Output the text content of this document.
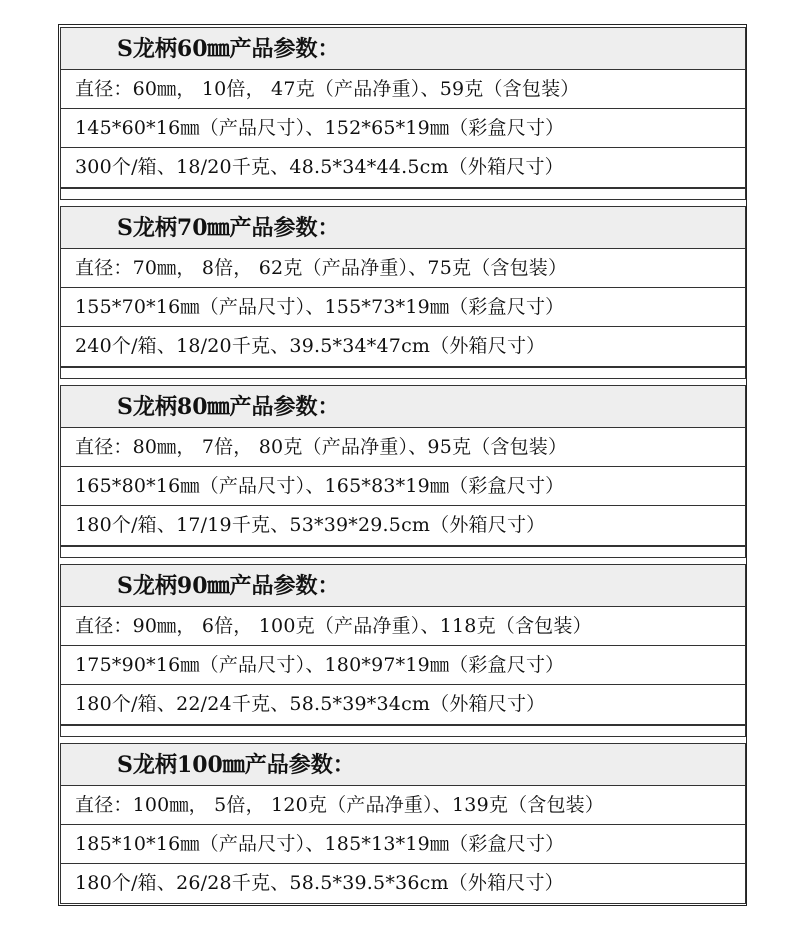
S龙柄60㎜产品参数：
直径：60㎜， 10倍， 47克（产品净重）、59克（含包装）
145*60*16㎜（产品尺寸）、152*65*19㎜（彩盒尺寸）
300个/箱、18/20千克、48.5*34*44.5cm（外箱尺寸）
S龙柄70㎜产品参数：
直径：70㎜， 8倍， 62克（产品净重）、75克（含包装）
155*70*16㎜（产品尺寸）、155*73*19㎜（彩盒尺寸）
240个/箱、18/20千克、39.5*34*47cm（外箱尺寸）
S龙柄80㎜产品参数：
直径：80㎜， 7倍， 80克（产品净重）、95克（含包装）
165*80*16㎜（产品尺寸）、165*83*19㎜（彩盒尺寸）
180个/箱、17/19千克、53*39*29.5cm（外箱尺寸）
S龙柄90㎜产品参数：
直径：90㎜， 6倍， 100克（产品净重）、118克（含包装）
175*90*16㎜（产品尺寸）、180*97*19㎜（彩盒尺寸）
180个/箱、22/24千克、58.5*39*34cm（外箱尺寸）
S龙柄100㎜产品参数：
直径：100㎜， 5倍， 120克（产品净重）、139克（含包装）
185*10*16㎜（产品尺寸）、185*13*19㎜（彩盒尺寸）
180个/箱、26/28千克、58.5*39.5*36cm（外箱尺寸）
